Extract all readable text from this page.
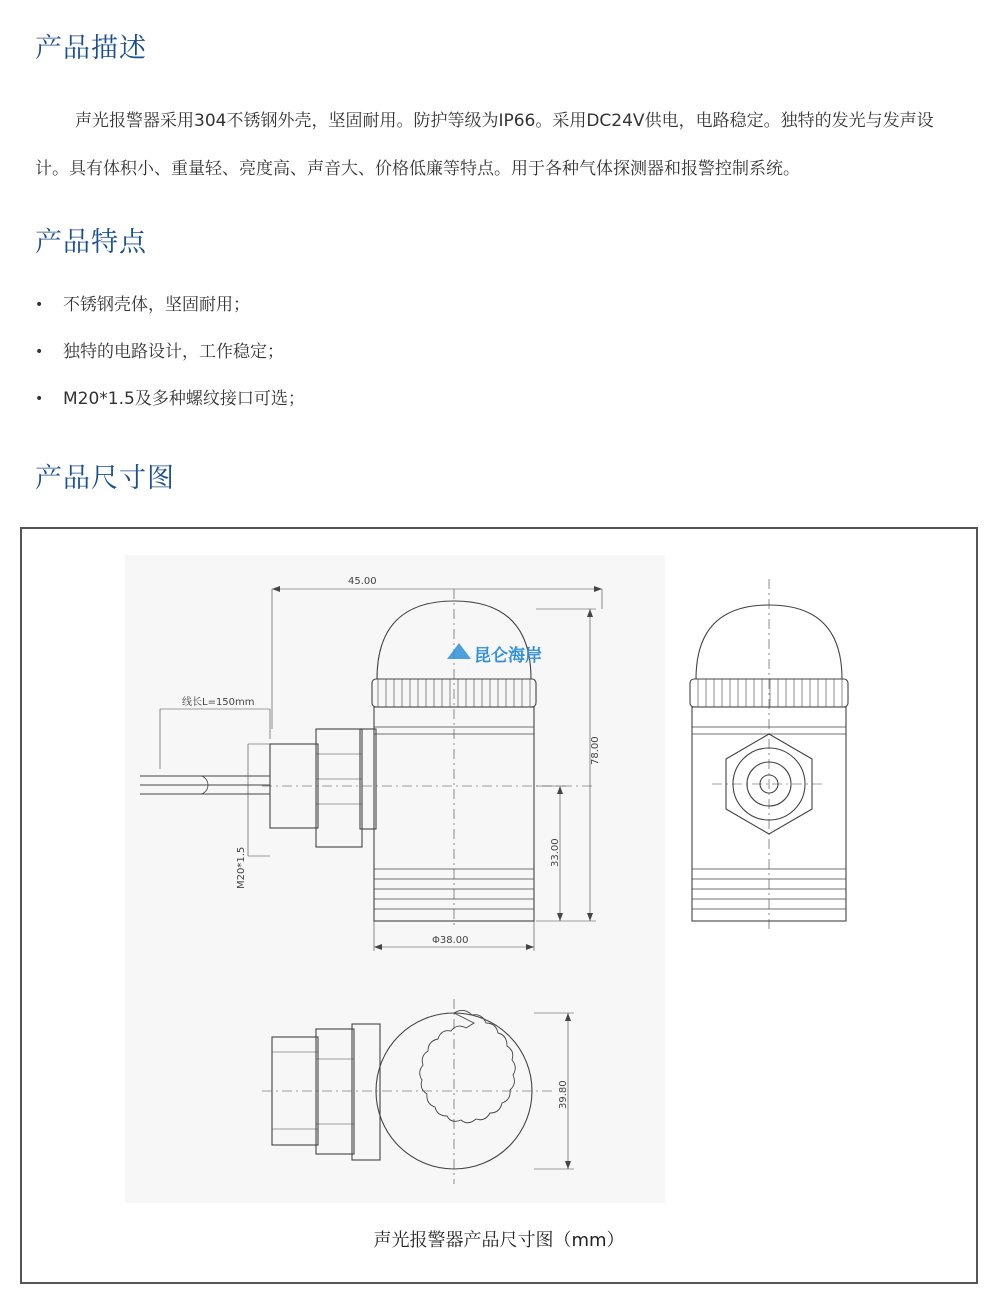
产品描述

声光报警器采用304不锈钢外壳，坚固耐用。防护等级为IP66。采用DC24V供电，电路稳定。独特的发光与发声设计。具有体积小、重量轻、亮度高、声音大、价格低廉等特点。用于各种气体探测器和报警控制系统。

产品特点
•	不锈钢壳体，坚固耐用；
•	独特的电路设计，工作稳定；
•	M20*1.5及多种螺纹接口可选；
产品尺寸图
昆仑海岸
45.00
线长L=150mm
78.00
33.00
Φ38.00
M20*1.5
39.80

声光报警器产品尺寸图（mm）
